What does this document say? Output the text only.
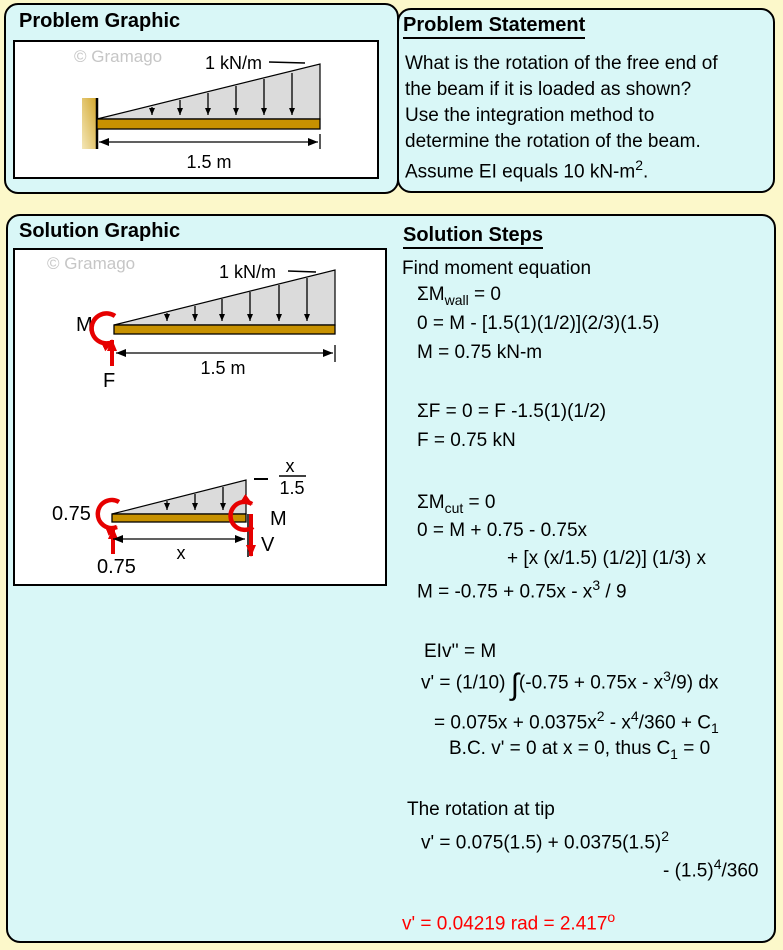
Problem Graphic
© Gramago 1 kN/m
1.5 m
Problem Statement
What is the rotation of the free end of
the beam if it is loaded as shown?
Use the integration method to
determine the rotation of the beam.
Assume EI equals 10 $kN-m^2$.
Solution Graphic
© Gramago	1 kN/m
M
F
1.5 m
x
1.5
0.75
0.75
x
M
V
Solution Steps
Find moment equation
$\Sigma M_{wall} = 0$
0 = M - [1.5(1)(1/2)](2/3)(1.5)
M = 0.75 kN-m
ΣF = 0 = F -1.5(1)(1/2)
F = 0.75 kN
$\Sigma M_{cut} = 0$
0 = M + 0.75 - 0.75x
+ [x (x/1.5) (1/2)] (1/3) x
$M = -0.75 + 0.75x - x^3 / 9$
EIv'' = M
v' = (1/10) $\int(-0.75 + 0.75x - x^3/9)$ dx
= $0.075x + 0.0375x^2 - x^4/360 + C_1$
B.C. v' = 0 at x = 0, thus $C_1 = 0$
The rotation at tip
$v' = 0.075(1.5) + 0.0375(1.5)^2$
- $(1.5)^4/360$
v' = 0.04219 rad = $2.417^o$
